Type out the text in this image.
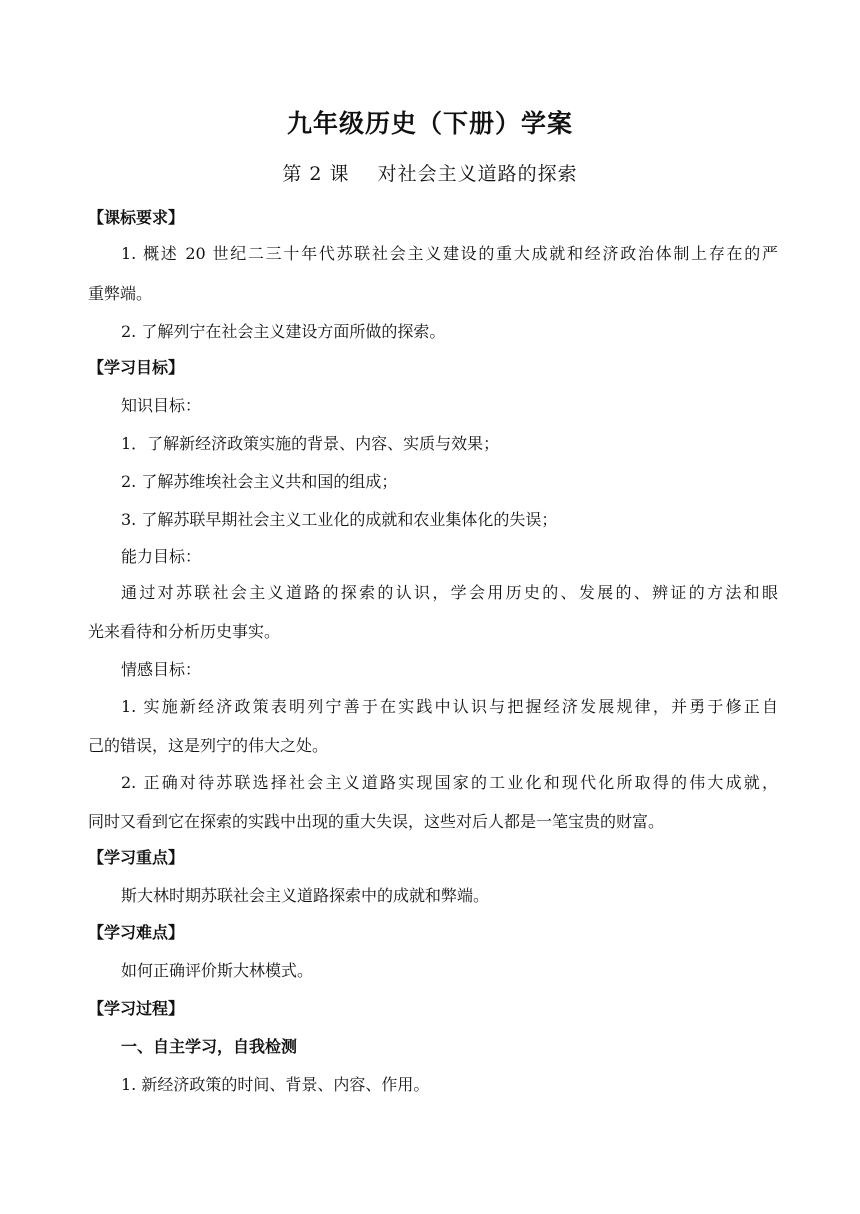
九年级历史（下册）学案
第 2 课    对社会主义道路的探索
【课标要求】
1. 概述 20 世纪二三十年代苏联社会主义建设的重大成就和经济政治体制上存在的严
重弊端。
2. 了解列宁在社会主义建设方面所做的探索。
【学习目标】
知识目标：
1．了解新经济政策实施的背景、内容、实质与效果；
2. 了解苏维埃社会主义共和国的组成；
3. 了解苏联早期社会主义工业化的成就和农业集体化的失误；
能力目标：
通过对苏联社会主义道路的探索的认识，学会用历史的、发展的、辨证的方法和眼
光来看待和分析历史事实。
情感目标：
1. 实施新经济政策表明列宁善于在实践中认识与把握经济发展规律，并勇于修正自
己的错误，这是列宁的伟大之处。
2. 正确对待苏联选择社会主义道路实现国家的工业化和现代化所取得的伟大成就，
同时又看到它在探索的实践中出现的重大失误，这些对后人都是一笔宝贵的财富。
【学习重点】
斯大林时期苏联社会主义道路探索中的成就和弊端。
【学习难点】
如何正确评价斯大林模式。
【学习过程】
一、自主学习，自我检测
1. 新经济政策的时间、背景、内容、作用。
